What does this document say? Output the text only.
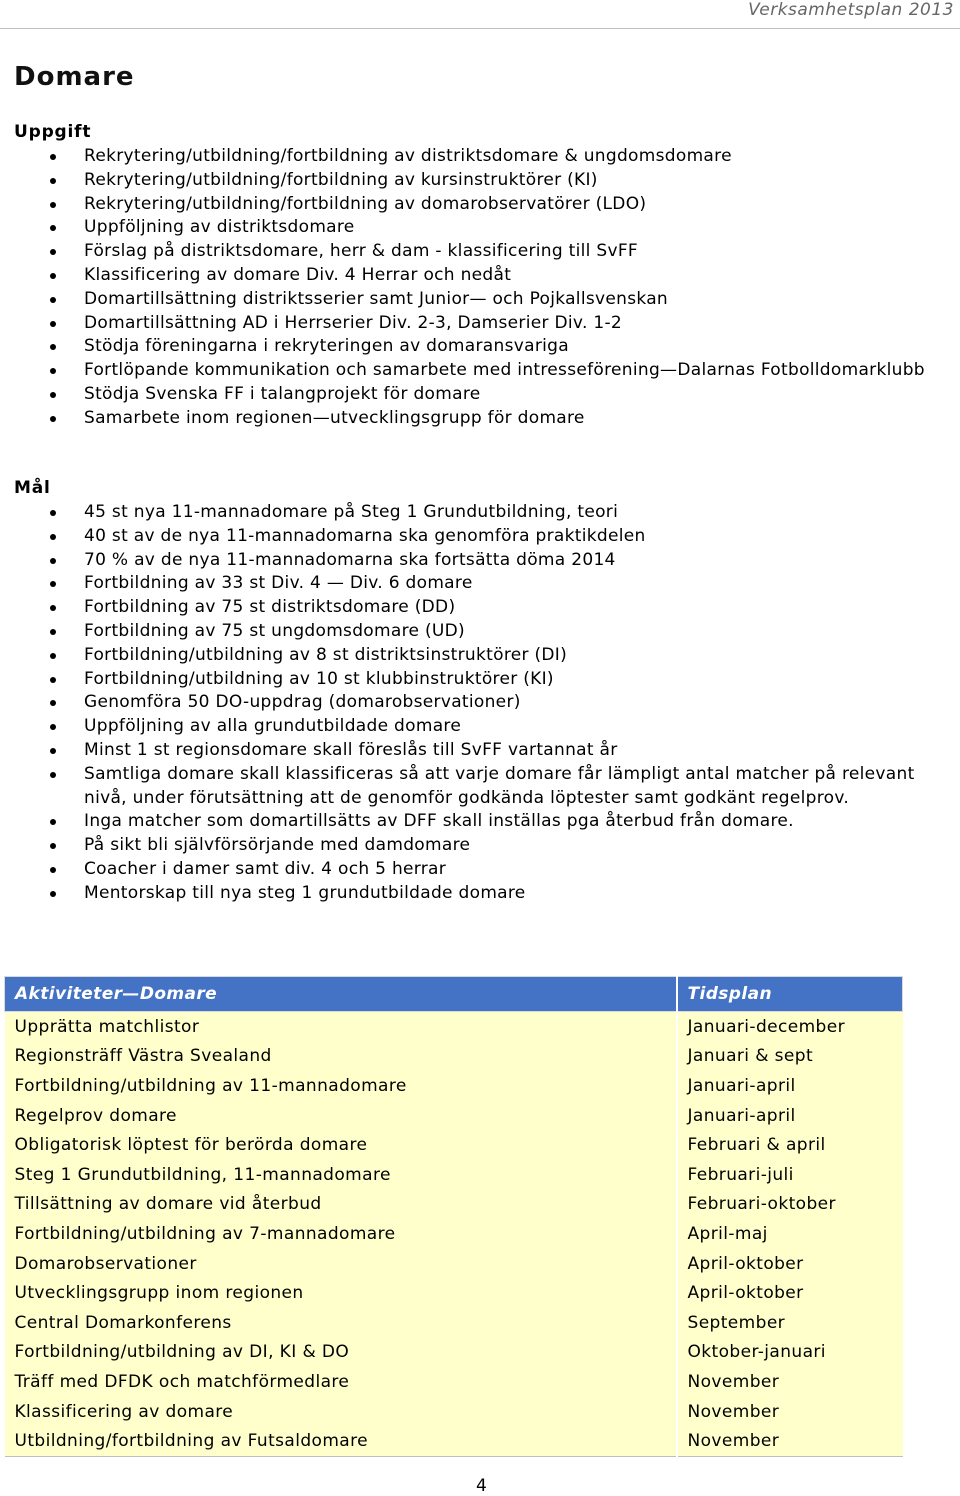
Verksamhetsplan 2013
Domare
Uppgift
Rekrytering/utbildning/fortbildning av distriktsdomare & ungdomsdomare
Rekrytering/utbildning/fortbildning av kursinstruktörer (KI)
Rekrytering/utbildning/fortbildning av domarobservatörer (LDO)
Uppföljning av distriktsdomare
Förslag på distriktsdomare, herr & dam - klassificering till SvFF
Klassificering av domare Div. 4 Herrar och nedåt
Domartillsättning distriktsserier samt Junior— och Pojkallsvenskan
Domartillsättning AD i Herrserier Div. 2-3, Damserier Div. 1-2
Stödja föreningarna i rekryteringen av domaransvariga
Fortlöpande kommunikation och samarbete med intresseförening—Dalarnas Fotbolldomarklubb
Stödja Svenska FF i talangprojekt för domare
Samarbete inom regionen—utvecklingsgrupp för domare
Mål
45 st nya 11-mannadomare på Steg 1 Grundutbildning, teori
40 st av de nya 11-mannadomarna ska genomföra praktikdelen
70 % av de nya 11-mannadomarna ska fortsätta döma 2014
Fortbildning av 33 st Div. 4 — Div. 6 domare
Fortbildning av 75 st distriktsdomare (DD)
Fortbildning av 75 st ungdomsdomare (UD)
Fortbildning/utbildning av 8 st distriktsinstruktörer (DI)
Fortbildning/utbildning av 10 st klubbinstruktörer (KI)
Genomföra 50 DO-uppdrag (domarobservationer)
Uppföljning av alla grundutbildade domare
Minst 1 st regionsdomare skall föreslås till SvFF vartannat år
Samtliga domare skall klassificeras så att varje domare får lämpligt antal matcher på relevant nivå, under förutsättning att de genomför godkända löptester samt godkänt regelprov.
Inga matcher som domartillsätts av DFF skall inställas pga återbud från domare.
På sikt bli självförsörjande med damdomare
Coacher i damer samt div. 4 och 5 herrar
Mentorskap till nya steg 1 grundutbildade domare
Aktiviteter—Domare	Tidsplan
Upprätta matchlistor	Januari-december
Regionsträff Västra Svealand	Januari & sept
Fortbildning/utbildning av 11-mannadomare	Januari-april
Regelprov domare	Januari-april
Obligatorisk löptest för berörda domare	Februari & april
Steg 1 Grundutbildning, 11-mannadomare	Februari-juli
Tillsättning av domare vid återbud	Februari-oktober
Fortbildning/utbildning av 7-mannadomare	April-maj
Domarobservationer	April-oktober
Utvecklingsgrupp inom regionen	April-oktober
Central Domarkonferens	September
Fortbildning/utbildning av DI, KI & DO	Oktober-januari
Träff med DFDK och matchförmedlare	November
Klassificering av domare	November
Utbildning/fortbildning av Futsaldomare	November
4
